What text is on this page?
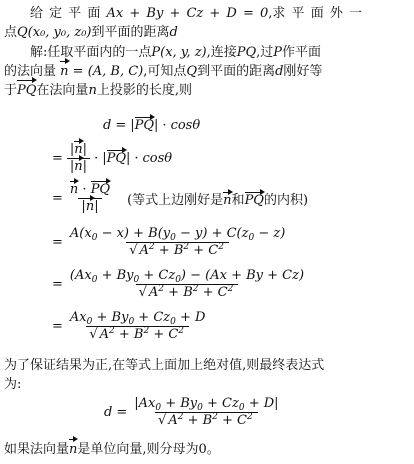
给 定 平 面 Ax + By + Cz + D = 0,求 平 面 外 一
点Q(x₀, y₀, z₀)到平面的距离d
解:任取平面内的一点P(x, y, z),连接PQ,过P作平面
的法向量 n = (A, B, C),可知点Q到平面的距离d刚好等
于PQ在法向量n上投影的长度,则
d = |PQ| · cosθ
= $\frac{|n|}{|n|} \cdot |PQ| \cdot \cos\theta$
= $\frac{n \cdot PQ}{|n|}$ (等式上边刚好是n和PQ的内积)
= $\frac{A(x_0 - x) + B(y_0 - y) + C(z_0 - z)}{√ A^2 + B^2 + C^2}$
= $\frac{(Ax_0 + By_0 + Cz_0) - (Ax + By + Cz)}{√ A^2 + B^2 + C^2}$
= $\frac{Ax_0 + By_0 + Cz_0 + D}{√ A^2 + B^2 + C^2}$
为了保证结果为正,在等式上面加上绝对值,则最终表达式
为:
$d = \frac{|Ax_0 + By_0 + Cz_0 + D|}{√ A^2 + B^2 + C^2}$
如果法向量n是单位向量,则分母为0。
